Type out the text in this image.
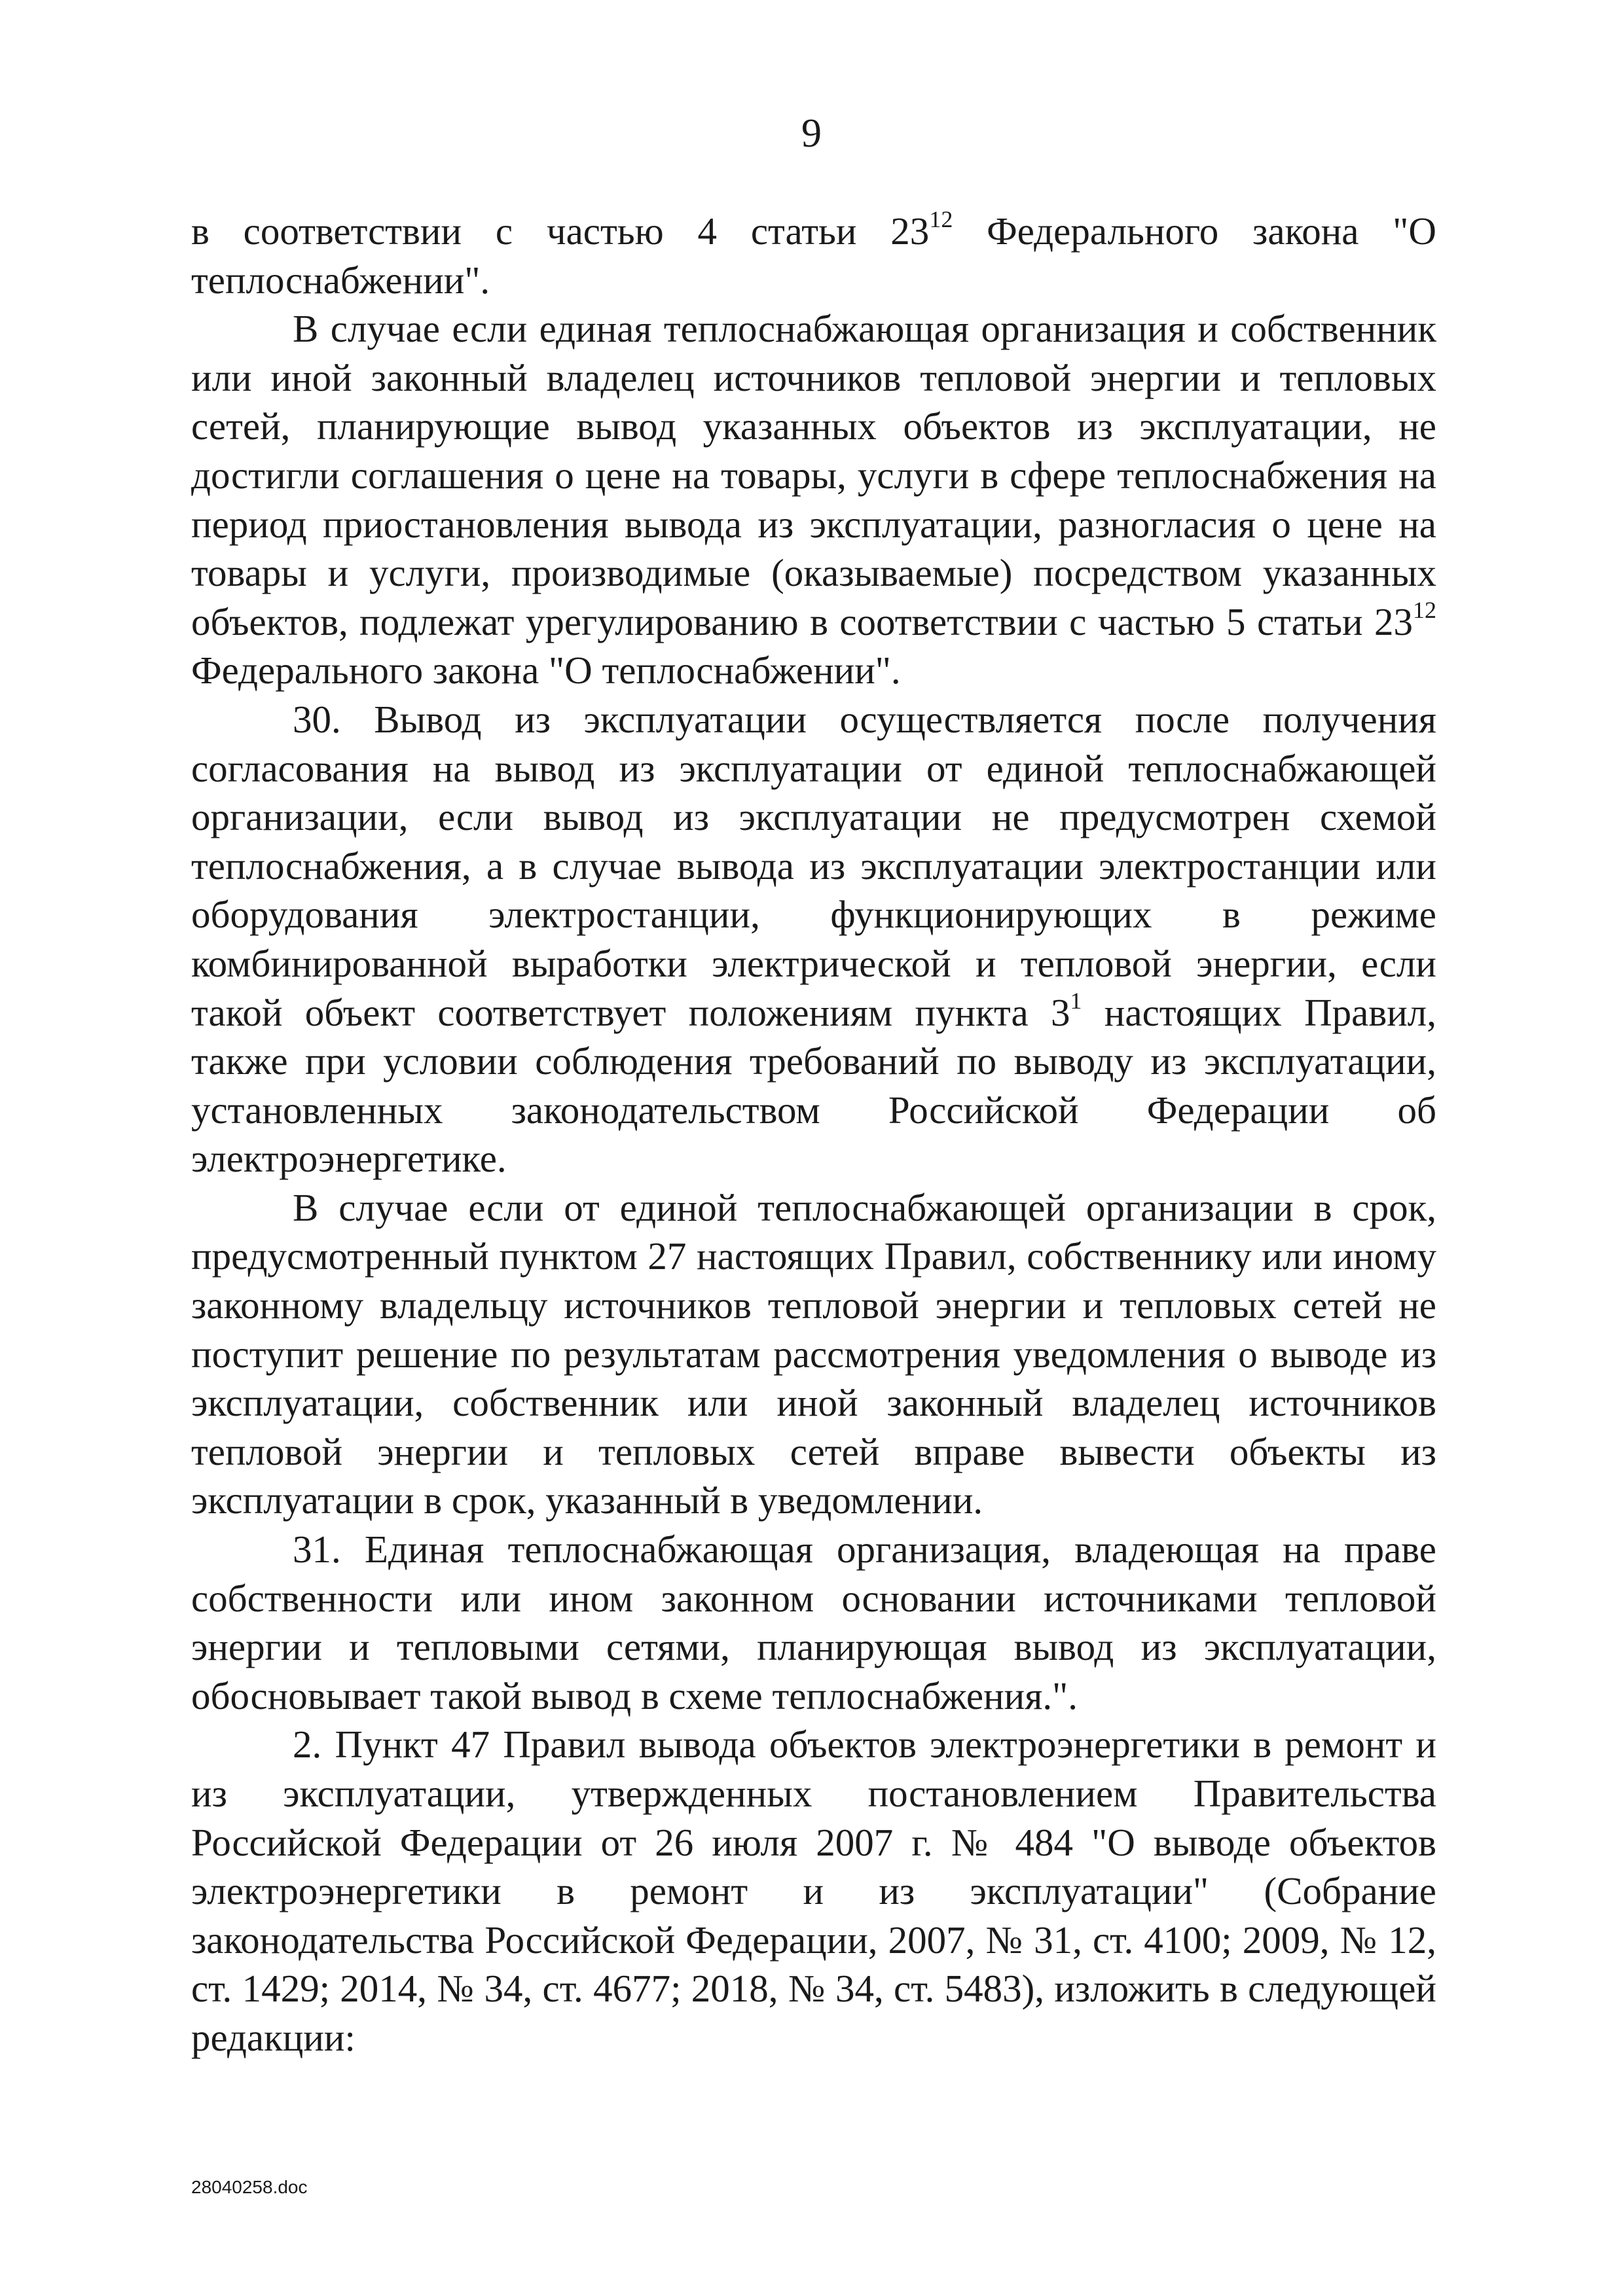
9

в соответствии с частью 4 статьи $23^{12}$ Федерального закона "О теплоснабжении".

В случае если единая теплоснабжающая организация и собственник или иной законный владелец источников тепловой энергии и тепловых сетей, планирующие вывод указанных объектов из эксплуатации, не достигли соглашения о цене на товары, услуги в сфере теплоснабжения на период приостановления вывода из эксплуатации, разногласия о цене на товары и услуги, производимые (оказываемые) посредством указанных объектов, подлежат урегулированию в соответствии с частью 5 статьи $23^{12}$ Федерального закона "О теплоснабжении".

30. Вывод из эксплуатации осуществляется после получения согласования на вывод из эксплуатации от единой теплоснабжающей организации, если вывод из эксплуатации не предусмотрен схемой теплоснабжения, а в случае вывода из эксплуатации электростанции или оборудования электростанции, функционирующих в режиме комбинированной выработки электрической и тепловой энергии, если такой объект соответствует положениям пункта $3^1$ настоящих Правил, также при условии соблюдения требований по выводу из эксплуатации, установленных законодательством Российской Федерации об электроэнергетике.

В случае если от единой теплоснабжающей организации в срок, предусмотренный пунктом 27 настоящих Правил, собственнику или иному законному владельцу источников тепловой энергии и тепловых сетей не поступит решение по результатам рассмотрения уведомления о выводе из эксплуатации, собственник или иной законный владелец источников тепловой энергии и тепловых сетей вправе вывести объекты из эксплуатации в срок, указанный в уведомлении.

31. Единая теплоснабжающая организация, владеющая на праве собственности или ином законном основании источниками тепловой энергии и тепловыми сетями, планирующая вывод из эксплуатации, обосновывает такой вывод в схеме теплоснабжения.".

2. Пункт 47 Правил вывода объектов электроэнергетики в ремонт и из эксплуатации, утвержденных постановлением Правительства Российской Федерации от 26 июля 2007 г. № 484 "О выводе объектов электроэнергетики в ремонт и из эксплуатации" (Собрание законодательства Российской Федерации, 2007, № 31, ст. 4100; 2009, № 12, ст. 1429; 2014, № 34, ст. 4677; 2018, № 34, ст. 5483), изложить в следующей редакции:

28040258.doc
